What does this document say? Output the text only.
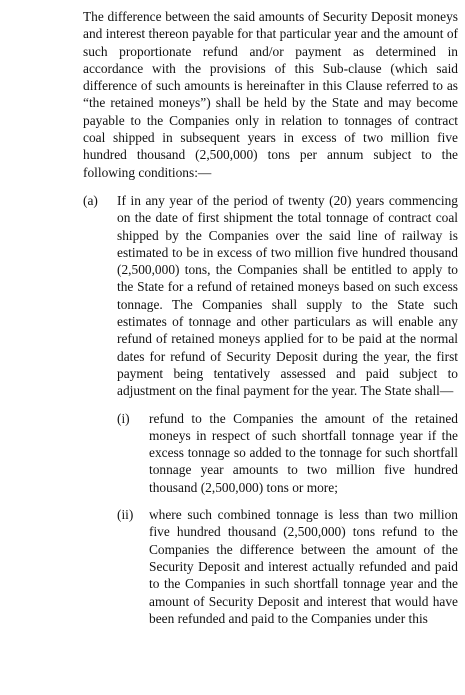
The difference between the said amounts of Security Deposit moneys and interest thereon payable for that particular year and the amount of such proportionate refund and/or payment as determined in accordance with the provisions of this Sub-clause (which said difference of such amounts is hereinafter in this Clause referred to as “the retained moneys”) shall be held by the State and may become payable to the Companies only in relation to tonnages of contract coal shipped in subsequent years in excess of two million five hundred thousand (2,500,000) tons per annum subject to the following conditions:—

(a) If in any year of the period of twenty (20) years commencing on the date of first shipment the total tonnage of contract coal shipped by the Companies over the said line of railway is estimated to be in excess of two million five hundred thousand (2,500,000) tons, the Companies shall be entitled to apply to the State for a refund of retained moneys based on such excess tonnage. The Companies shall supply to the State such estimates of tonnage and other particulars as will enable any refund of retained moneys applied for to be paid at the normal dates for refund of Security Deposit during the year, the first payment being tentatively assessed and paid subject to adjustment on the final payment for the year. The State shall—

(i) refund to the Companies the amount of the retained moneys in respect of such shortfall tonnage year if the excess tonnage so added to the tonnage for such shortfall tonnage year amounts to two million five hundred thousand (2,500,000) tons or more;

(ii) where such combined tonnage is less than two million five hundred thousand (2,500,000) tons refund to the Companies the difference between the amount of the Security Deposit and interest actually refunded and paid to the Companies in such shortfall tonnage year and the amount of Security Deposit and interest that would have been refunded and paid to the Companies under this
